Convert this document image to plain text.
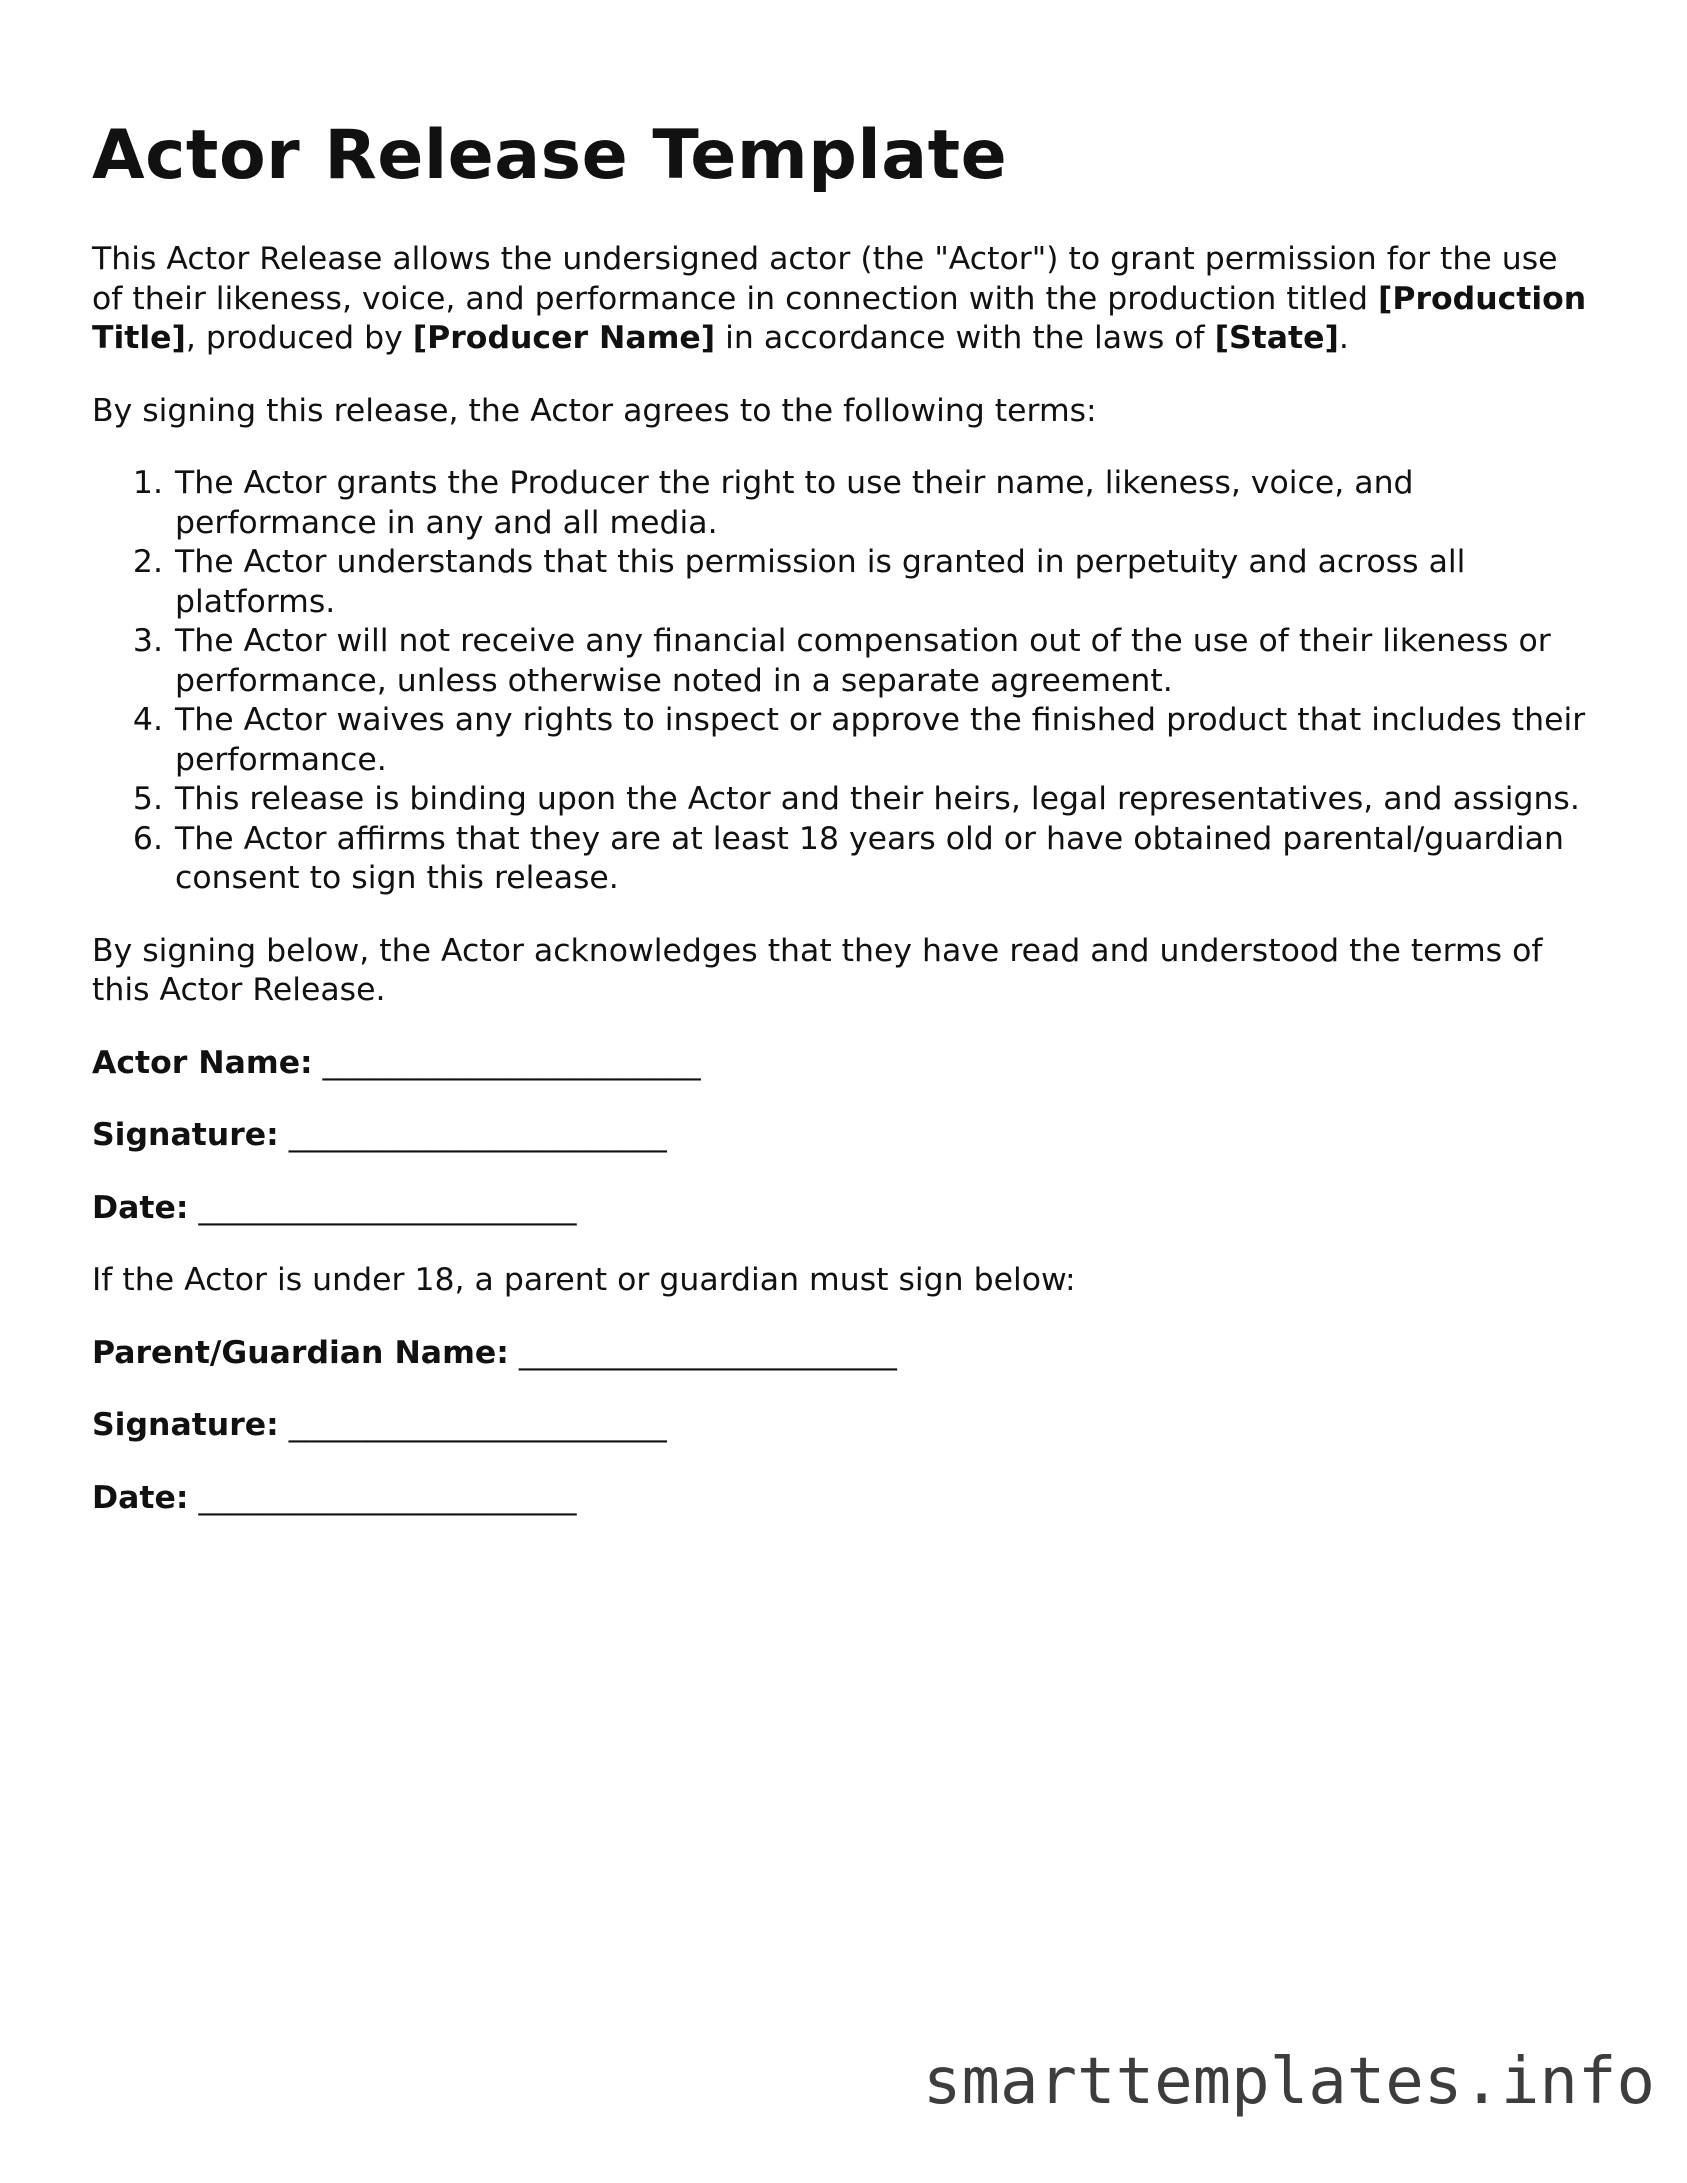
Actor Release Template

This Actor Release allows the undersigned actor (the "Actor") to grant permission for the use of their likeness, voice, and performance in connection with the production titled [Production Title], produced by [Producer Name] in accordance with the laws of [State].

By signing this release, the Actor agrees to the following terms:

1. The Actor grants the Producer the right to use their name, likeness, voice, and performance in any and all media.
2. The Actor understands that this permission is granted in perpetuity and across all platforms.
3. The Actor will not receive any financial compensation out of the use of their likeness or performance, unless otherwise noted in a separate agreement.
4. The Actor waives any rights to inspect or approve the finished product that includes their performance.
5. This release is binding upon the Actor and their heirs, legal representatives, and assigns.
6. The Actor affirms that they are at least 18 years old or have obtained parental/guardian consent to sign this release.

By signing below, the Actor acknowledges that they have read and understood the terms of this Actor Release.

Actor Name: ________________________
Signature: ________________________
Date: ________________________

If the Actor is under 18, a parent or guardian must sign below:

Parent/Guardian Name: ________________________
Signature: ________________________
Date: ________________________
smarttemplates.info
